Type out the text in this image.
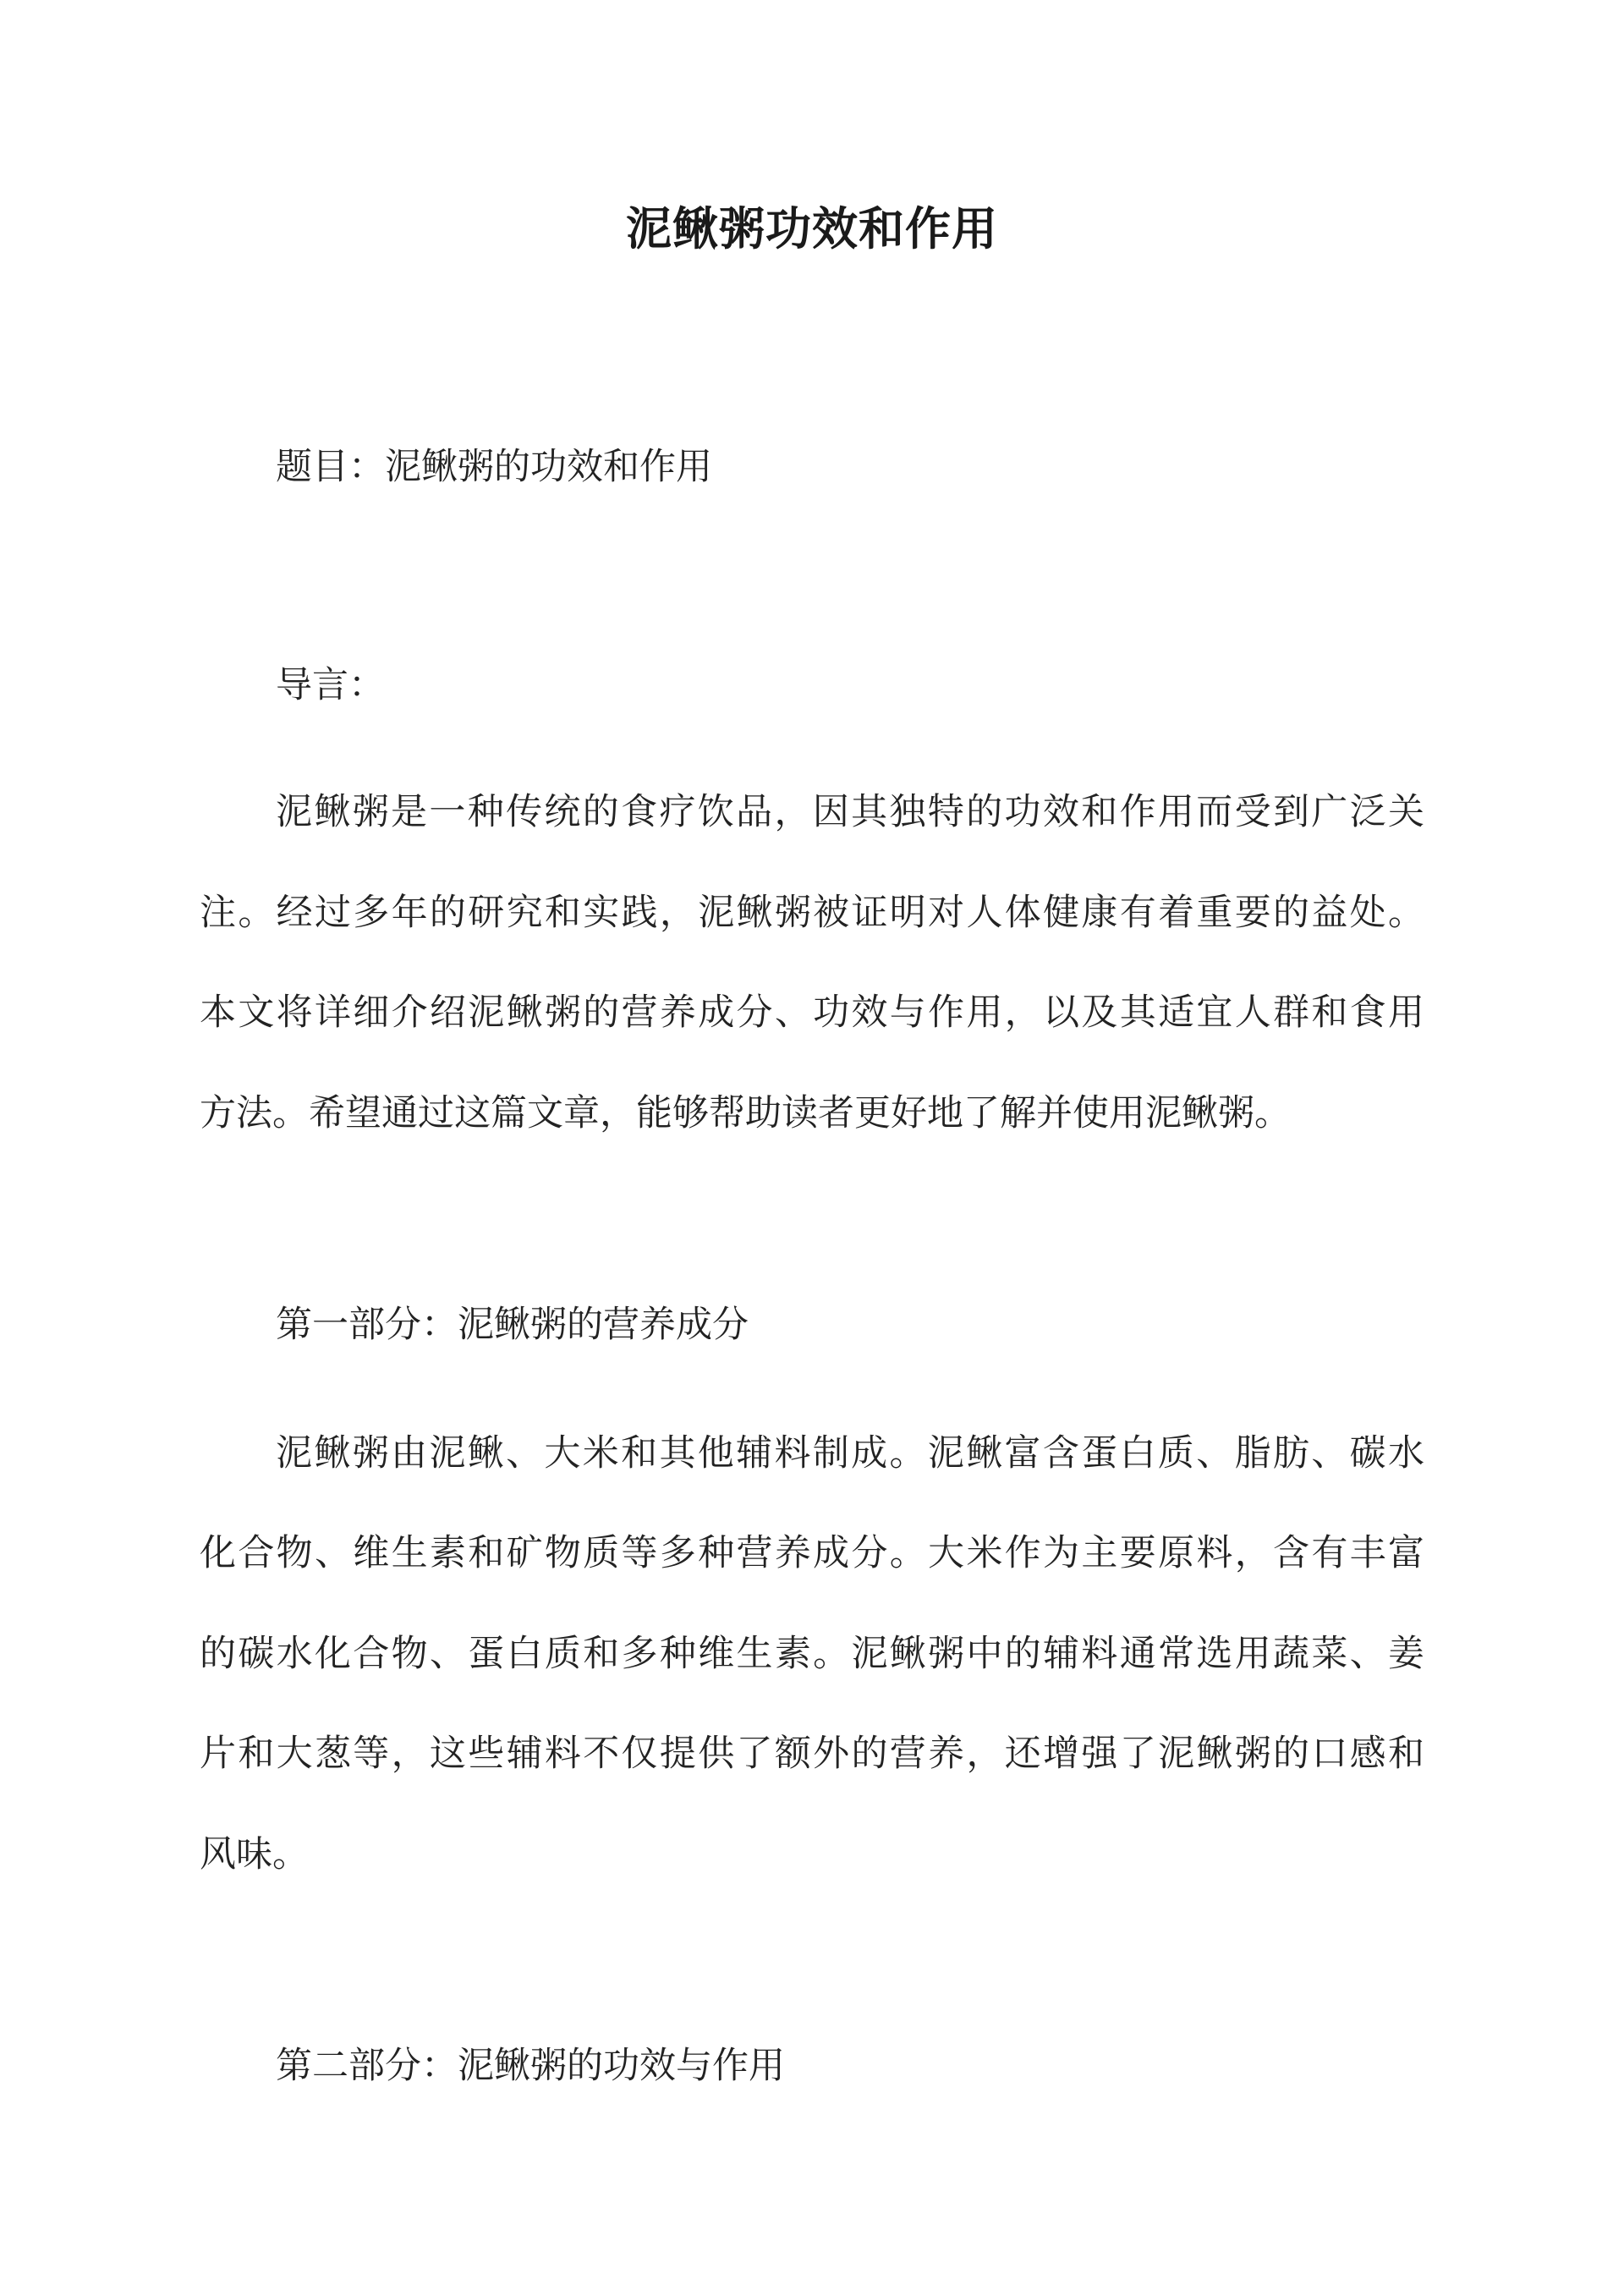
泥鳅粥功效和作用
题目：泥鳅粥的功效和作用
导言：
泥鳅粥是一种传统的食疗饮品，因其独特的功效和作用而受到广泛关
注。经过多年的研究和实践，泥鳅粥被证明对人体健康有着重要的益处。
本文将详细介绍泥鳅粥的营养成分、功效与作用，以及其适宜人群和食用
方法。希望通过这篇文章，能够帮助读者更好地了解并使用泥鳅粥。
第一部分：泥鳅粥的营养成分
泥鳅粥由泥鳅、大米和其他辅料制成。泥鳅富含蛋白质、脂肪、碳水
化合物、维生素和矿物质等多种营养成分。大米作为主要原料，含有丰富
的碳水化合物、蛋白质和多种维生素。泥鳅粥中的辅料通常选用蔬菜、姜
片和大葱等，这些辅料不仅提供了额外的营养，还增强了泥鳅粥的口感和
风味。
第二部分：泥鳅粥的功效与作用
